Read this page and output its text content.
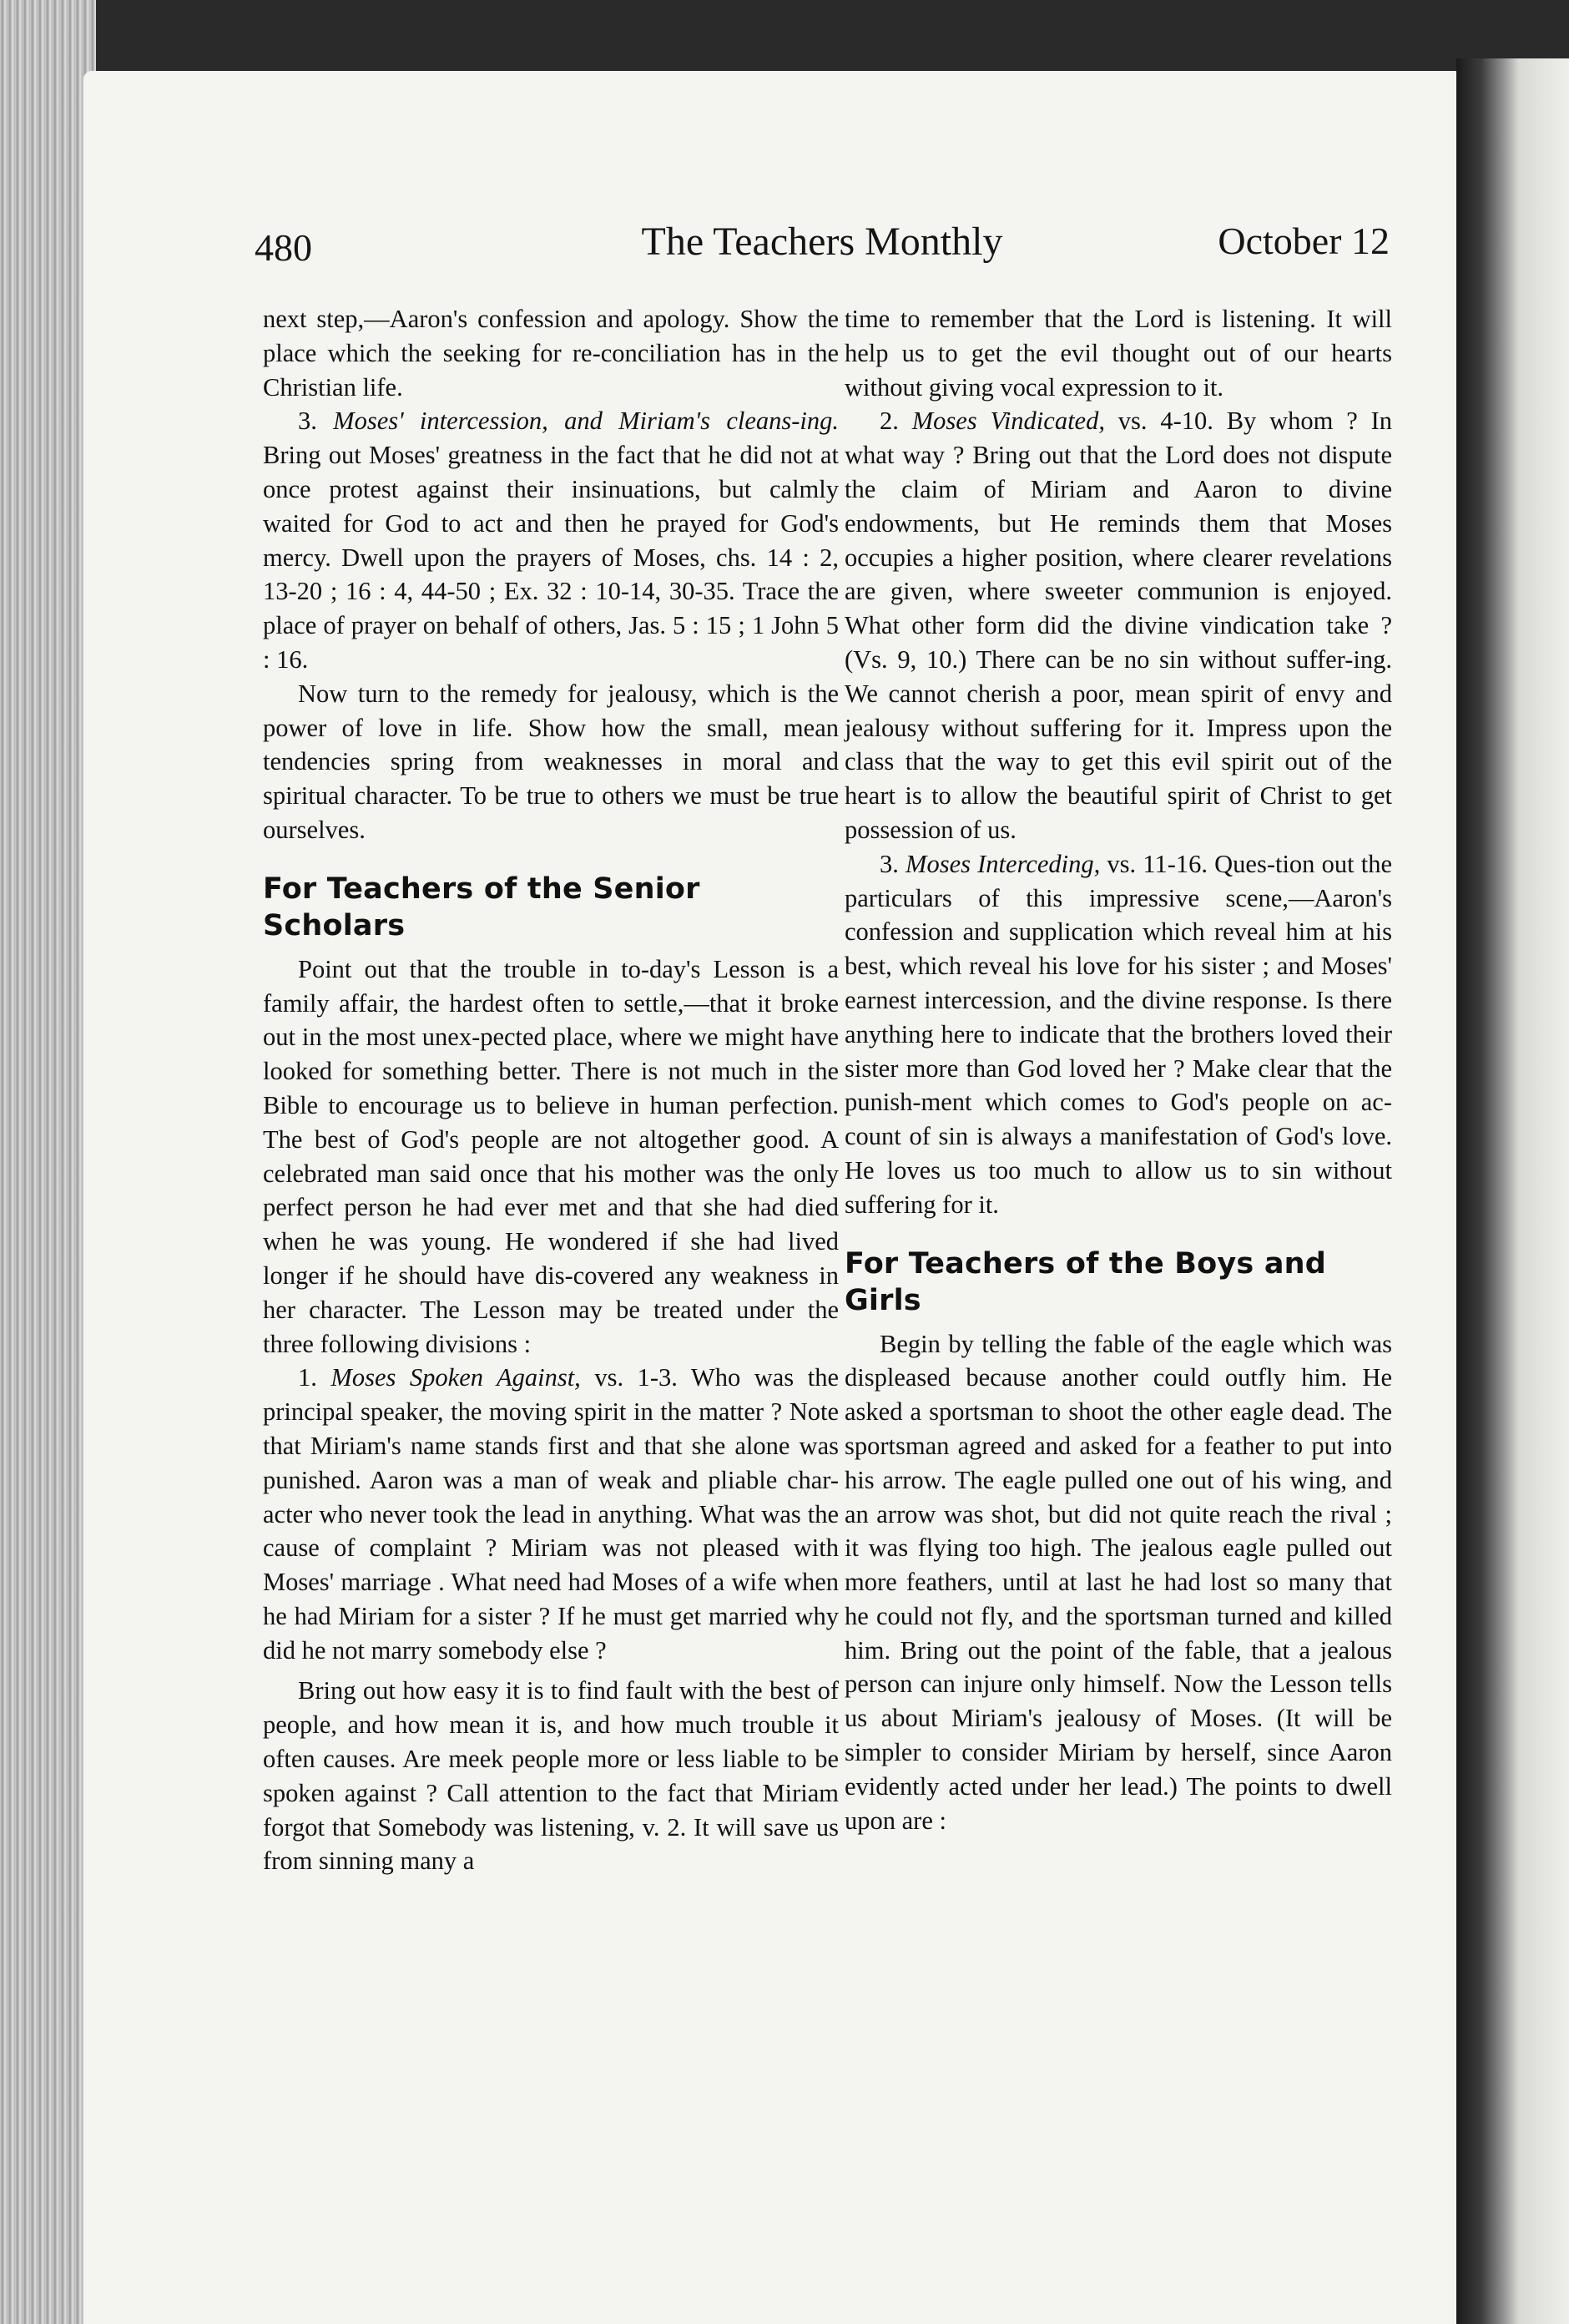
480	The Teachers Monthly	October 12

next step,—Aaron's confession and apology. Show the place which the seeking for re-conciliation has in the Christian life.

3. Moses' intercession, and Miriam's cleans-ing. Bring out Moses' greatness in the fact that he did not at once protest against their insinuations, but calmly waited for God to act and then he prayed for God's mercy. Dwell upon the prayers of Moses, chs. 14 : 2, 13-20 ; 16 : 4, 44-50 ; Ex. 32 : 10-14, 30-35. Trace the place of prayer on behalf of others, Jas. 5 : 15 ; 1 John 5 : 16.

Now turn to the remedy for jealousy, which is the power of love in life. Show how the small, mean tendencies spring from weaknesses in moral and spiritual character. To be true to others we must be true ourselves.

For Teachers of the Senior Scholars

Point out that the trouble in to-day's Lesson is a family affair, the hardest often to settle,—that it broke out in the most unex-pected place, where we might have looked for something better. There is not much in the Bible to encourage us to believe in human perfection. The best of God's people are not altogether good. A celebrated man said once that his mother was the only perfect person he had ever met and that she had died when he was young. He wondered if she had lived longer if he should have dis-covered any weakness in her character. The Lesson may be treated under the three following divisions :

1. Moses Spoken Against, vs. 1-3. Who was the principal speaker, the moving spirit in the matter ? Note that Miriam's name stands first and that she alone was punished. Aaron was a man of weak and pliable char-acter who never took the lead in anything. What was the cause of complaint ? Miriam was not pleased with Moses' marriage . What need had Moses of a wife when he had Miriam for a sister ? If he must get married why did he not marry somebody else ?

Bring out how easy it is to find fault with the best of people, and how mean it is, and how much trouble it often causes. Are meek people more or less liable to be spoken against ? Call attention to the fact that Miriam forgot that Somebody was listening, v. 2. It will save us from sinning many a

time to remember that the Lord is listening. It will help us to get the evil thought out of our hearts without giving vocal expression to it.

2. Moses Vindicated, vs. 4-10. By whom ? In what way ? Bring out that the Lord does not dispute the claim of Miriam and Aaron to divine endowments, but He reminds them that Moses occupies a higher position, where clearer revelations are given, where sweeter communion is enjoyed. What other form did the divine vindication take ? (Vs. 9, 10.) There can be no sin without suffer-ing. We cannot cherish a poor, mean spirit of envy and jealousy without suffering for it. Impress upon the class that the way to get this evil spirit out of the heart is to allow the beautiful spirit of Christ to get possession of us.

3. Moses Interceding, vs. 11-16. Ques-tion out the particulars of this impressive scene,—Aaron's confession and supplication which reveal him at his best, which reveal his love for his sister ; and Moses' earnest intercession, and the divine response. Is there anything here to indicate that the brothers loved their sister more than God loved her ? Make clear that the punish-ment which comes to God's people on ac-count of sin is always a manifestation of God's love. He loves us too much to allow us to sin without suffering for it.

For Teachers of the Boys and Girls

Begin by telling the fable of the eagle which was displeased because another could outfly him. He asked a sportsman to shoot the other eagle dead. The sportsman agreed and asked for a feather to put into his arrow. The eagle pulled one out of his wing, and an arrow was shot, but did not quite reach the rival ; it was flying too high. The jealous eagle pulled out more feathers, until at last he had lost so many that he could not fly, and the sportsman turned and killed him. Bring out the point of the fable, that a jealous person can injure only himself. Now the Lesson tells us about Miriam's jealousy of Moses. (It will be simpler to consider Miriam by herself, since Aaron evidently acted under her lead.) The points to dwell upon are :
